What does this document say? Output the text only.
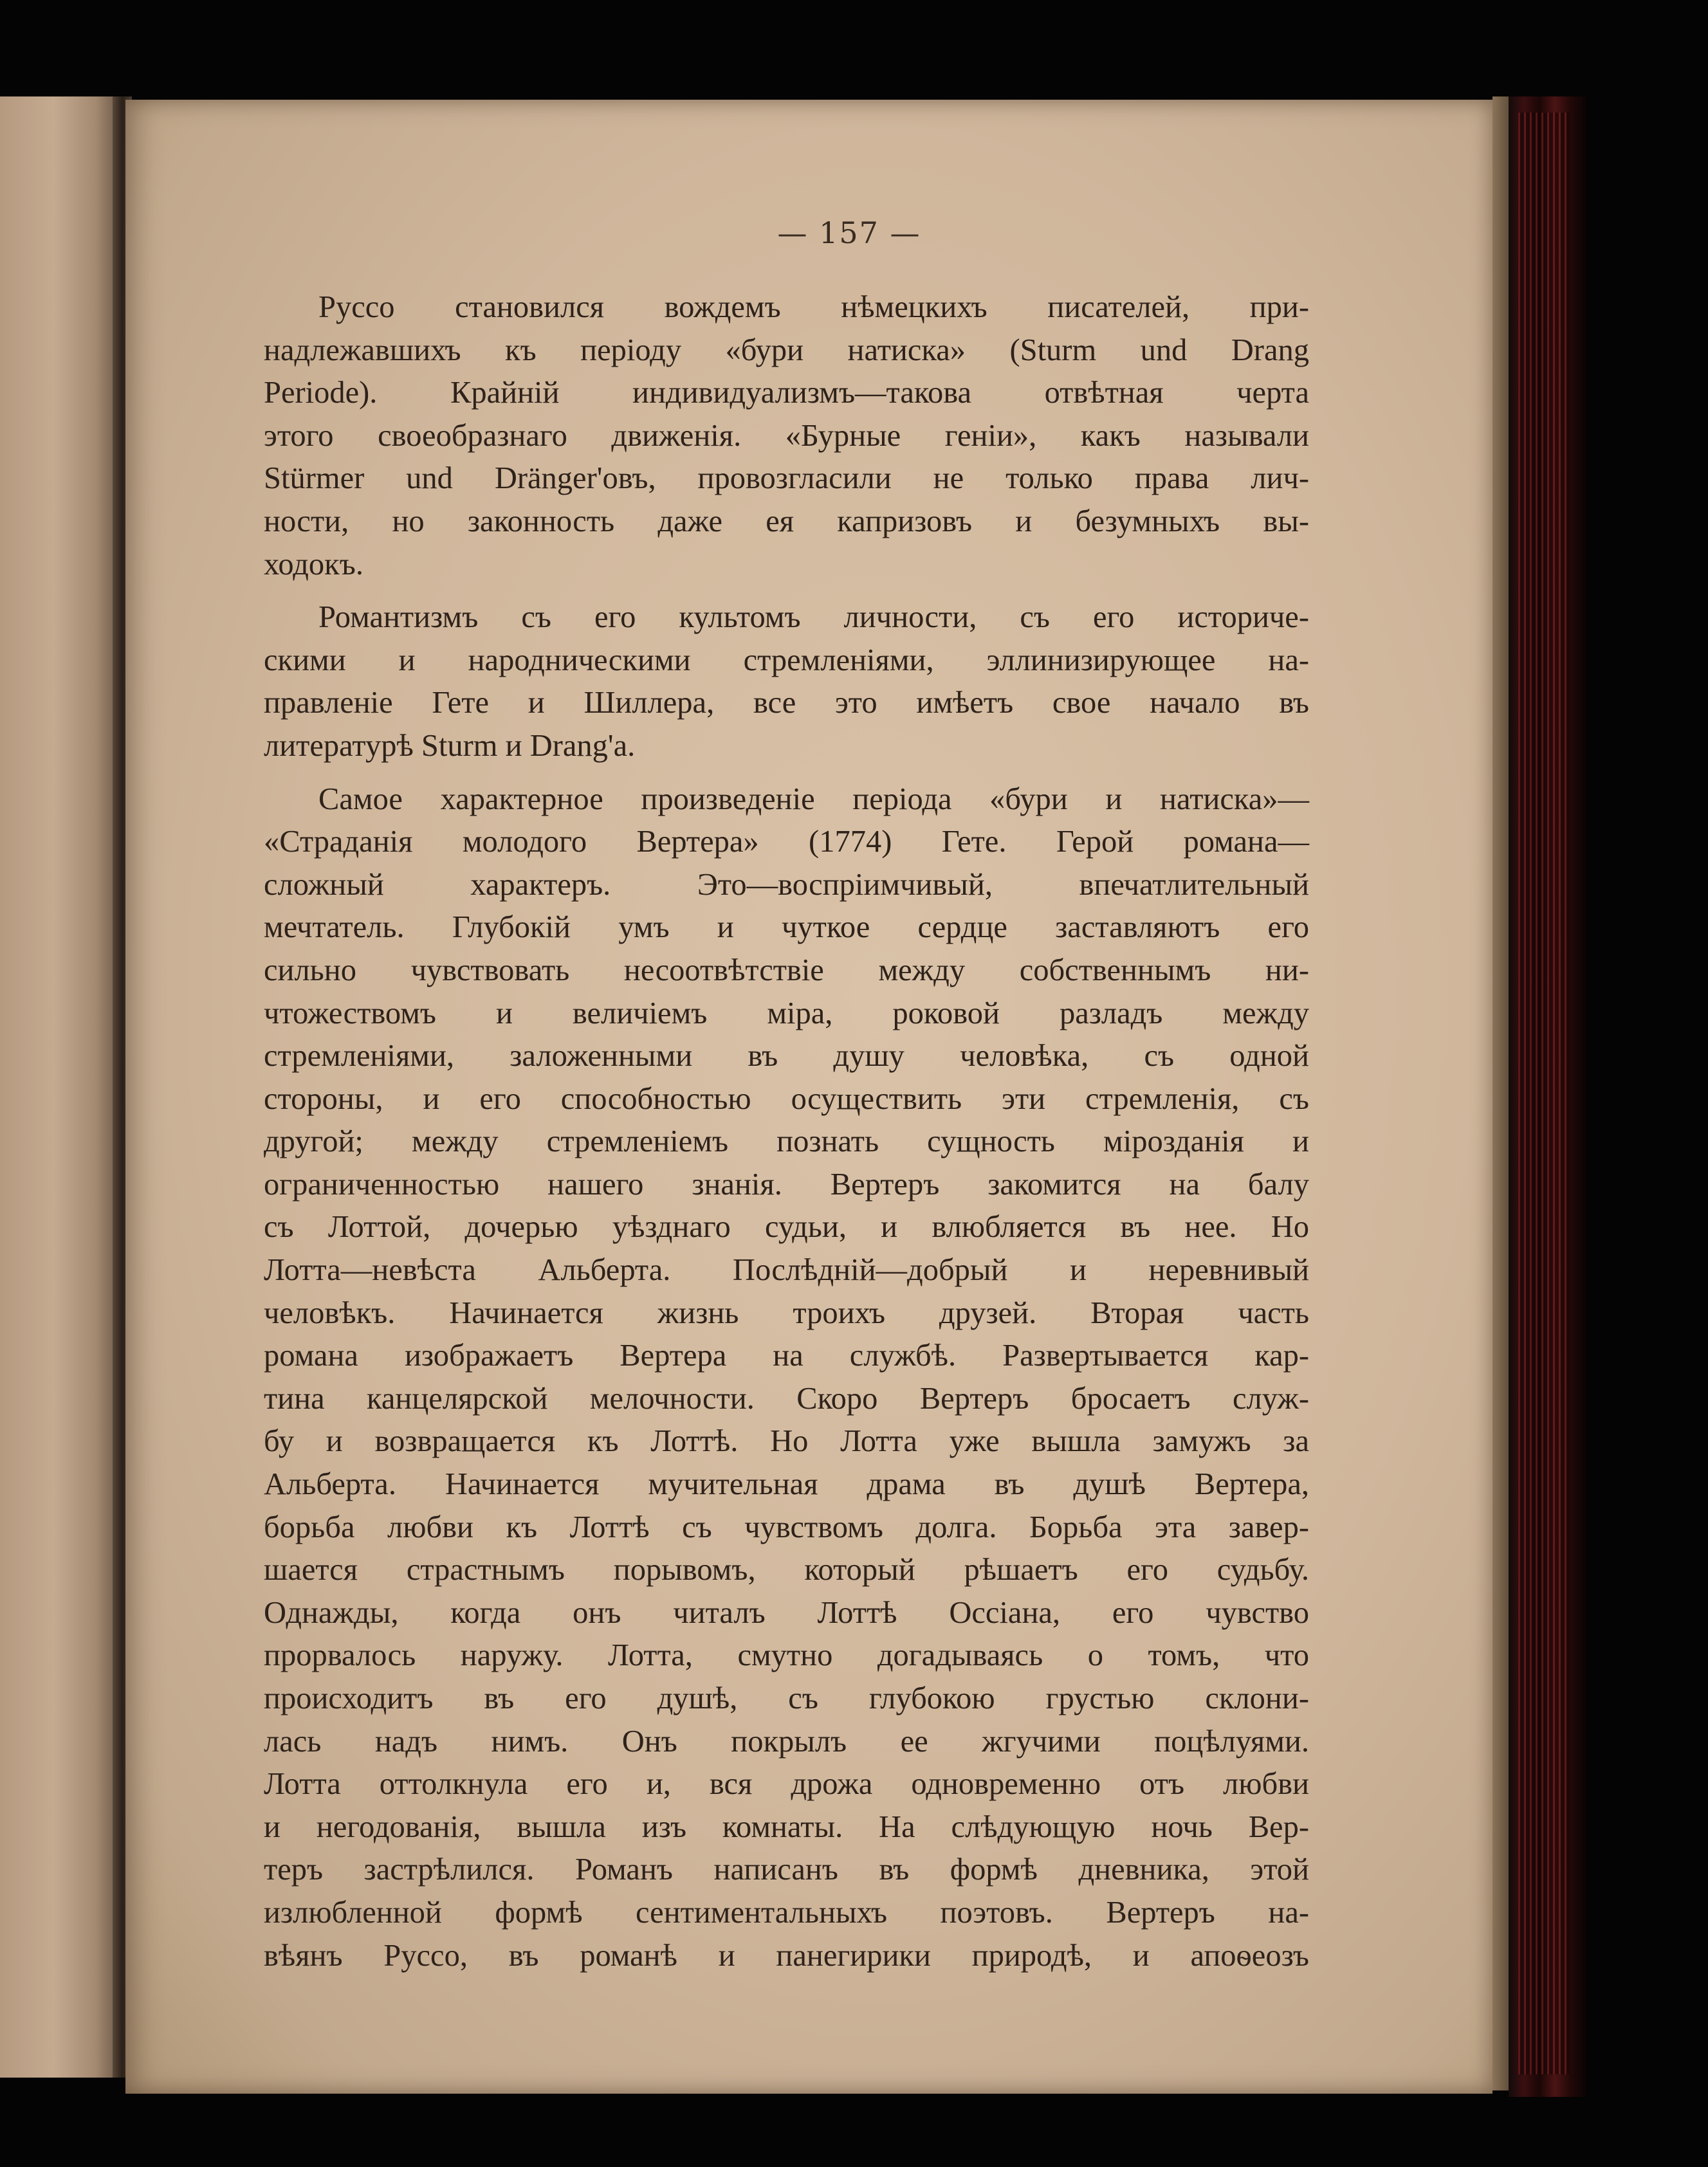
— 157 —
Руссо становился вождемъ нѣмецкихъ писателей, при-
надлежавшихъ къ періоду «бури натиска» (Sturm und Drang
Periode). Крайній индивидуализмъ—такова отвѣтная черта
этого своеобразнаго движенія. «Бурные геніи», какъ называли
Stürmer und Dränger'овъ, провозгласили не только права лич-
ности, но законность даже ея капризовъ и безумныхъ вы-
ходокъ.
Романтизмъ съ его культомъ личности, съ его историче-
скими и народническими стремленіями, эллинизирующее на-
правленіе Гете и Шиллера, все это имѣетъ свое начало въ
литературѣ Sturm и Drang'а.
Самое характерное произведеніе періода «бури и натиска»—
«Страданія молодого Вертера» (1774) Гете. Герой романа—
сложный характеръ. Это—воспріимчивый, впечатлительный
мечтатель. Глубокій умъ и чуткое сердце заставляютъ его
сильно чувствовать несоотвѣтствіе между собственнымъ ни-
чтожествомъ и величіемъ міра, роковой разладъ между
стремленіями, заложенными въ душу человѣка, съ одной
стороны, и его способностью осуществить эти стремленія, съ
другой; между стремленіемъ познать сущность мірозданія и
ограниченностью нашего знанія. Вертеръ закомится на балу
съ Лоттой, дочерью уѣзднаго судьи, и влюбляется въ нее. Но
Лотта—невѣста Альберта. Послѣдній—добрый и неревнивый
человѣкъ. Начинается жизнь троихъ друзей. Вторая часть
романа изображаетъ Вертера на службѣ. Развертывается кар-
тина канцелярской мелочности. Скоро Вертеръ бросаетъ служ-
бу и возвращается къ Лоттѣ. Но Лотта уже вышла замужъ за
Альберта. Начинается мучительная драма въ душѣ Вертера,
борьба любви къ Лоттѣ съ чувствомъ долга. Борьба эта завер-
шается страстнымъ порывомъ, который рѣшаетъ его судьбу.
Однажды, когда онъ читалъ Лоттѣ Оссіана, его чувство
прорвалось наружу. Лотта, смутно догадываясь о томъ, что
происходитъ въ его душѣ, съ глубокою грустью склони-
лась надъ нимъ. Онъ покрылъ ее жгучими поцѣлуями.
Лотта оттолкнула его и, вся дрожа одновременно отъ любви
и негодованія, вышла изъ комнаты. На слѣдующую ночь Вер-
теръ застрѣлился. Романъ написанъ въ формѣ дневника, этой
излюбленной формѣ сентиментальныхъ поэтовъ. Вертеръ на-
вѣянъ Руссо, въ романѣ и панегирики природѣ, и апоѳеозъ
